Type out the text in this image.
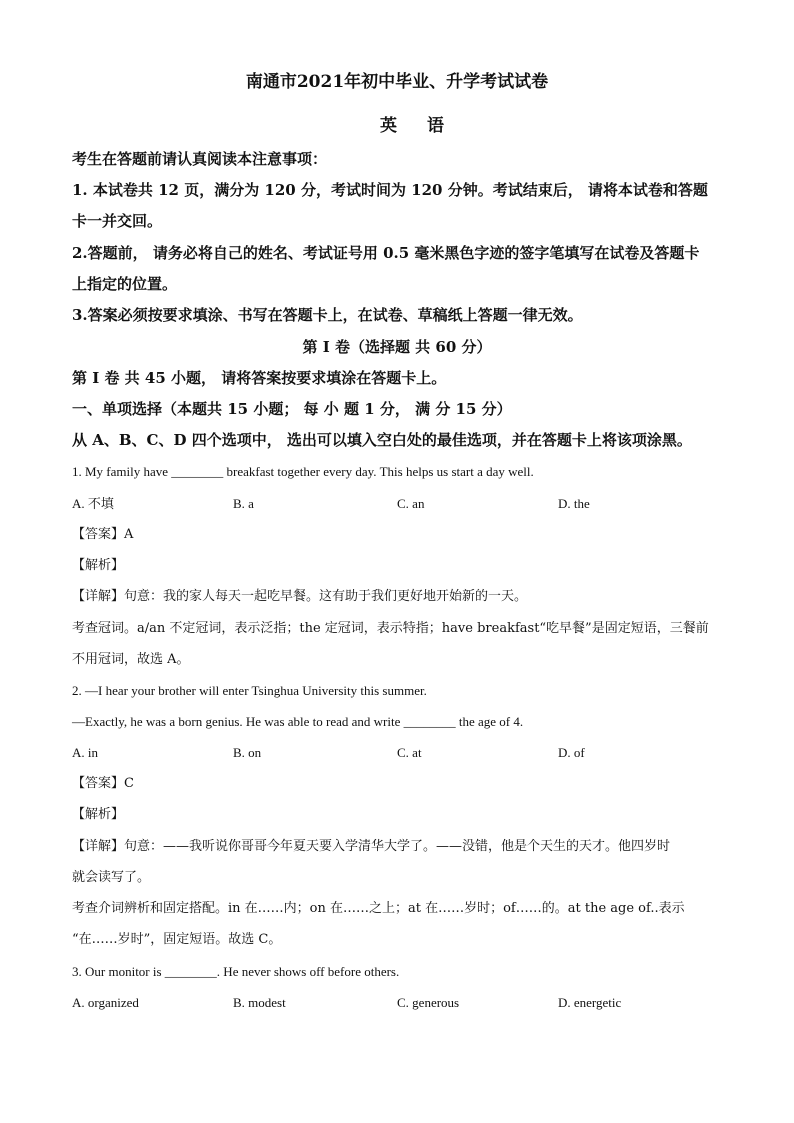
南通市2021年初中毕业、升学考试试卷
英语
考生在答题前请认真阅读本注意事项：
1. 本试卷共 12 页，满分为 120 分，考试时间为 120 分钟。考试结束后， 请将本试卷和答题
卡一并交回。
2.答题前， 请务必将自己的姓名、考试证号用 0.5 毫米黑色字迹的签字笔填写在试卷及答题卡
上指定的位置。
3.答案必须按要求填涂、书写在答题卡上，在试卷、草稿纸上答题一律无效。
第 I 卷（选择题 共 60 分）
第 I 卷 共 45 小题， 请将答案按要求填涂在答题卡上。
一、单项选择（本题共 15 小题； 每 小 题 1 分， 满 分 15 分）
从 A、B、C、D 四个选项中， 选出可以填入空白处的最佳选项，并在答题卡上将该项涂黑。
1. My family have ________ breakfast together every day. This helps us start a day well.
A. 不填	B. a	C. an	D. the
【答案】A
【解析】
【详解】句意：我的家人每天一起吃早餐。这有助于我们更好地开始新的一天。
考查冠词。a/an 不定冠词，表示泛指；the 定冠词，表示特指；have breakfast“吃早餐”是固定短语，三餐前
不用冠词，故选 A。
2. —I hear your brother will enter Tsinghua University this summer.
—Exactly, he was a born genius. He was able to read and write ________ the age of 4.
A. in	B. on	C. at	D. of
【答案】C
【解析】
【详解】句意：——我听说你哥哥今年夏天要入学清华大学了。——没错，他是个天生的天才。他四岁时
就会读写了。
考查介词辨析和固定搭配。in 在……内；on 在……之上；at 在……岁时；of……的。at the age of..表示
“在……岁时”，固定短语。故选 C。
3. Our monitor is ________. He never shows off before others.
A. organized	B. modest	C. generous	D. energetic
